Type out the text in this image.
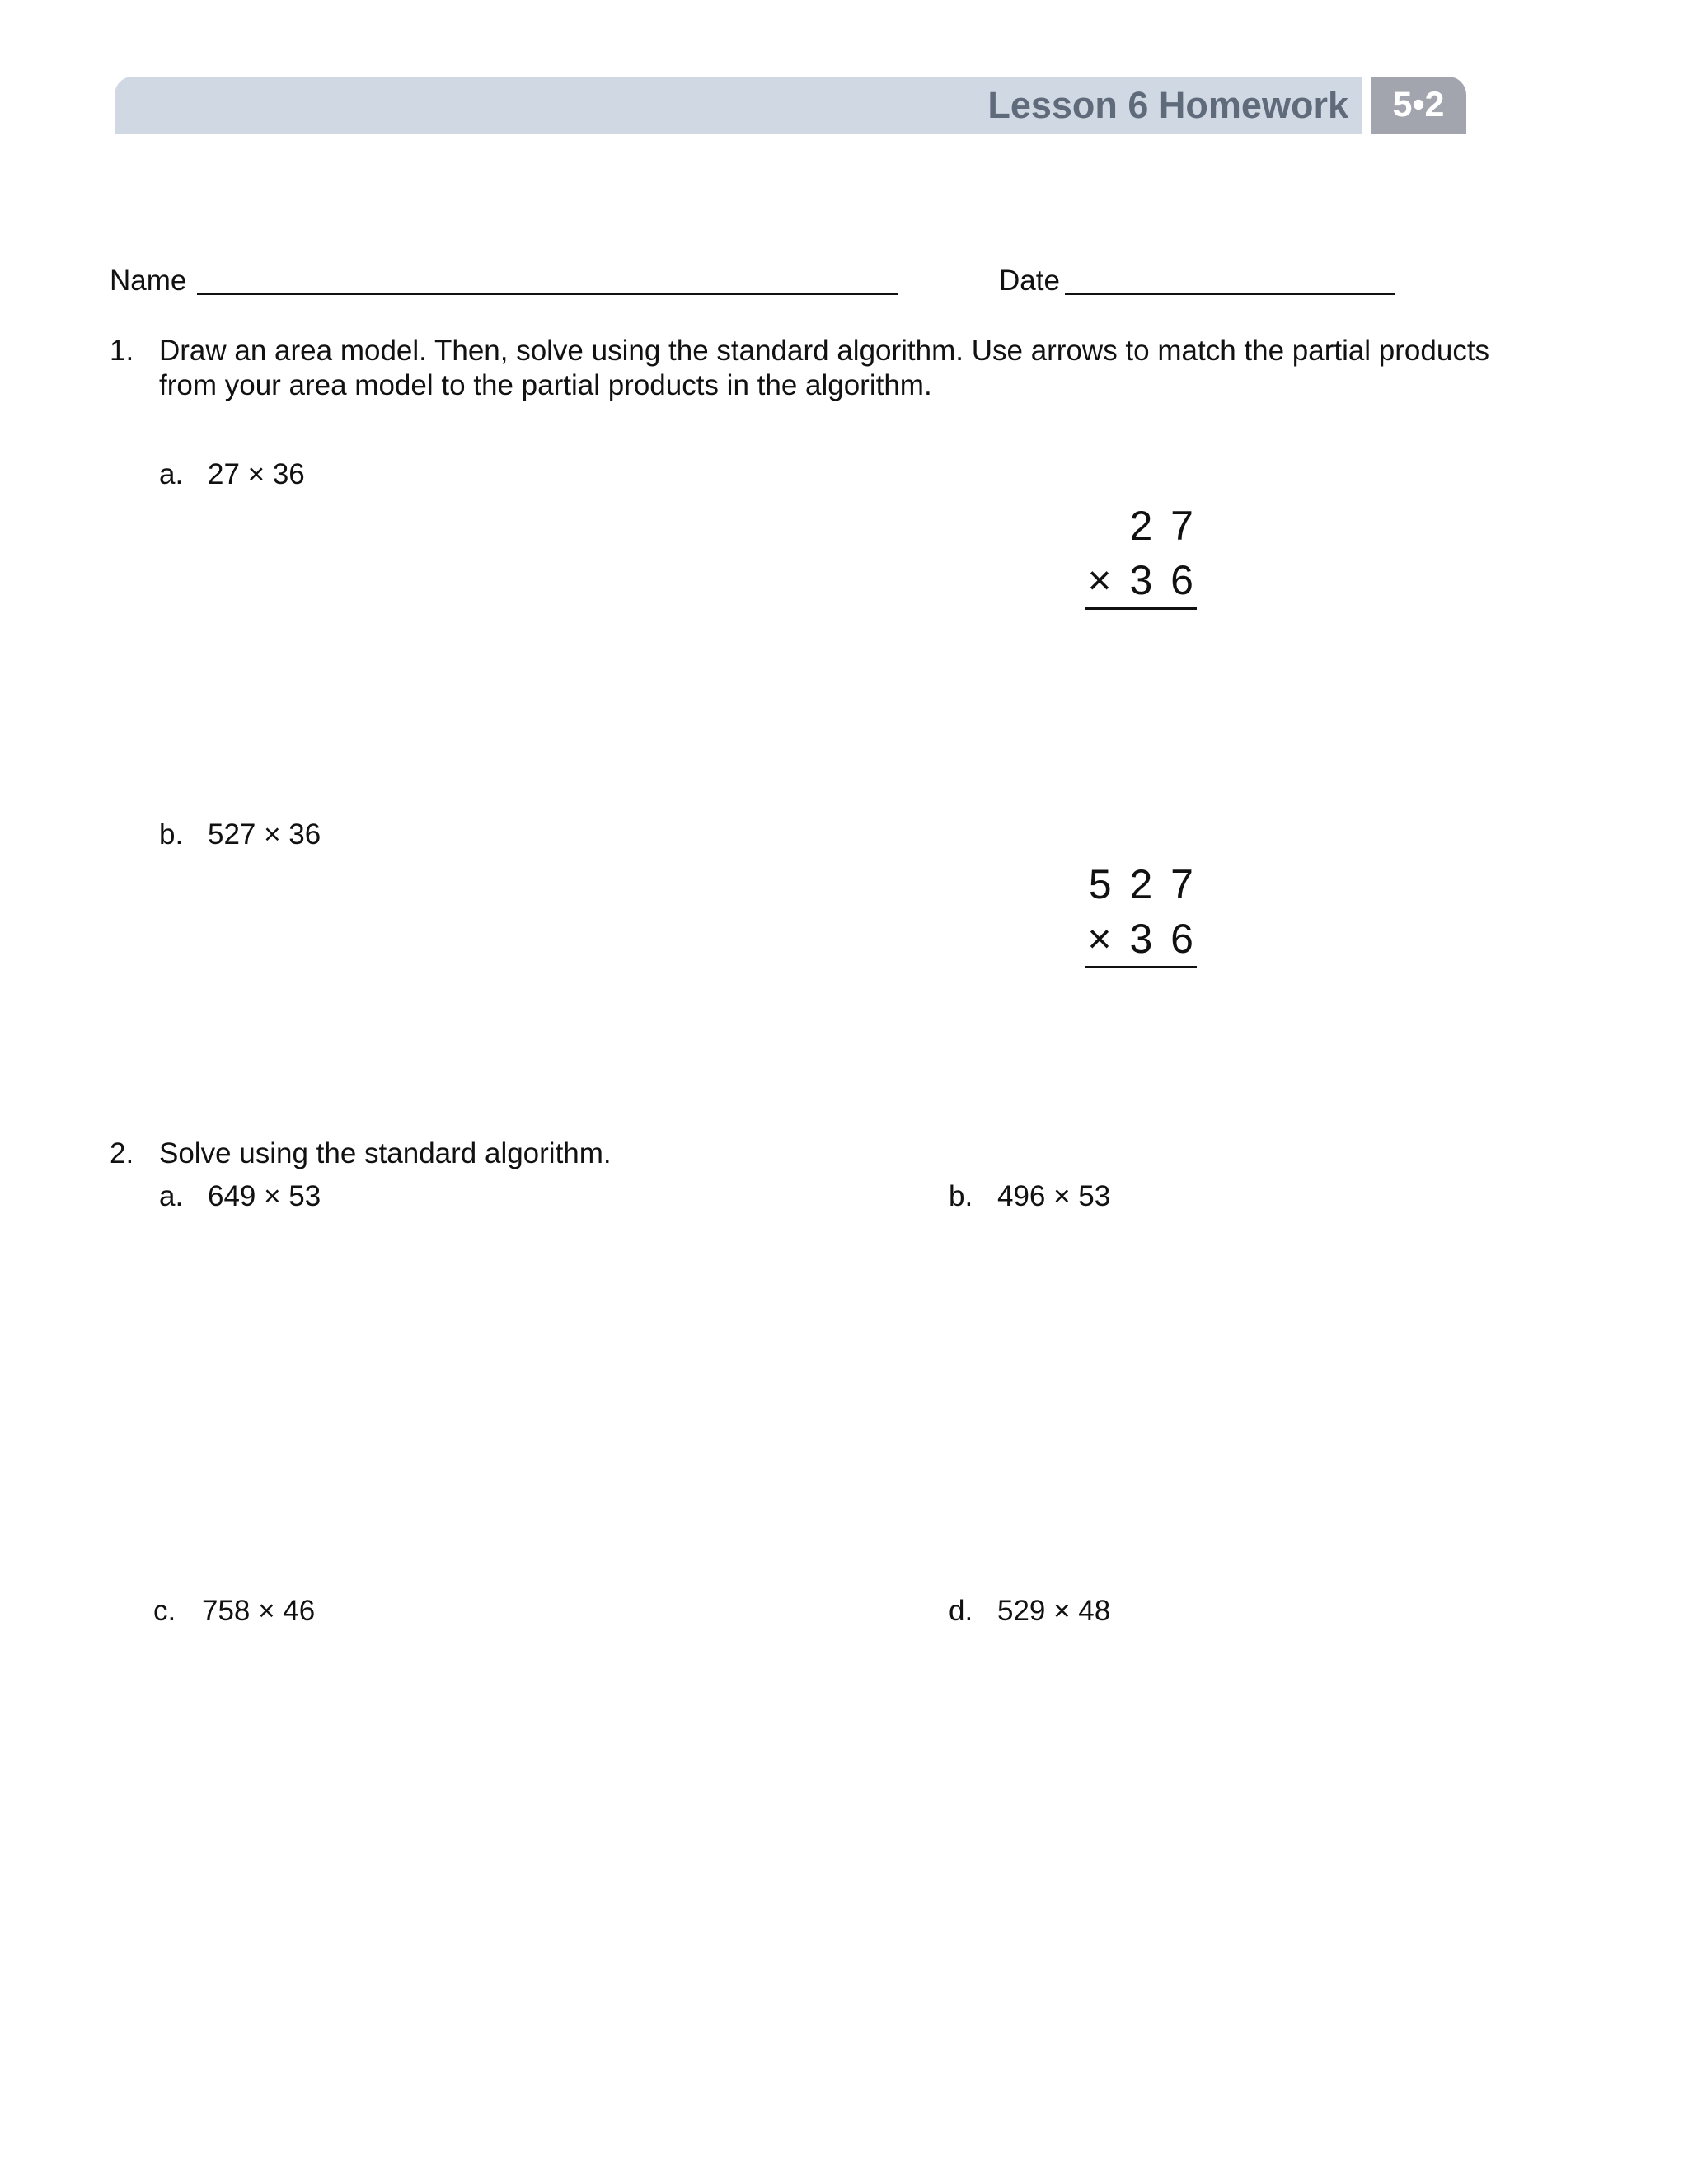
Lesson 6 Homework	5•2
Name	Date
1. Draw an area model. Then, solve using the standard algorithm. Use arrows to match the partial products
from your area model to the partial products in the algorithm.
a. 27 × 36
2 7
× 3 6
b. 527 × 36
5 2 7
× 3 6
2. Solve using the standard algorithm.
a. 649 × 53	b. 496 × 53
c. 758 × 46	d. 529 × 48
